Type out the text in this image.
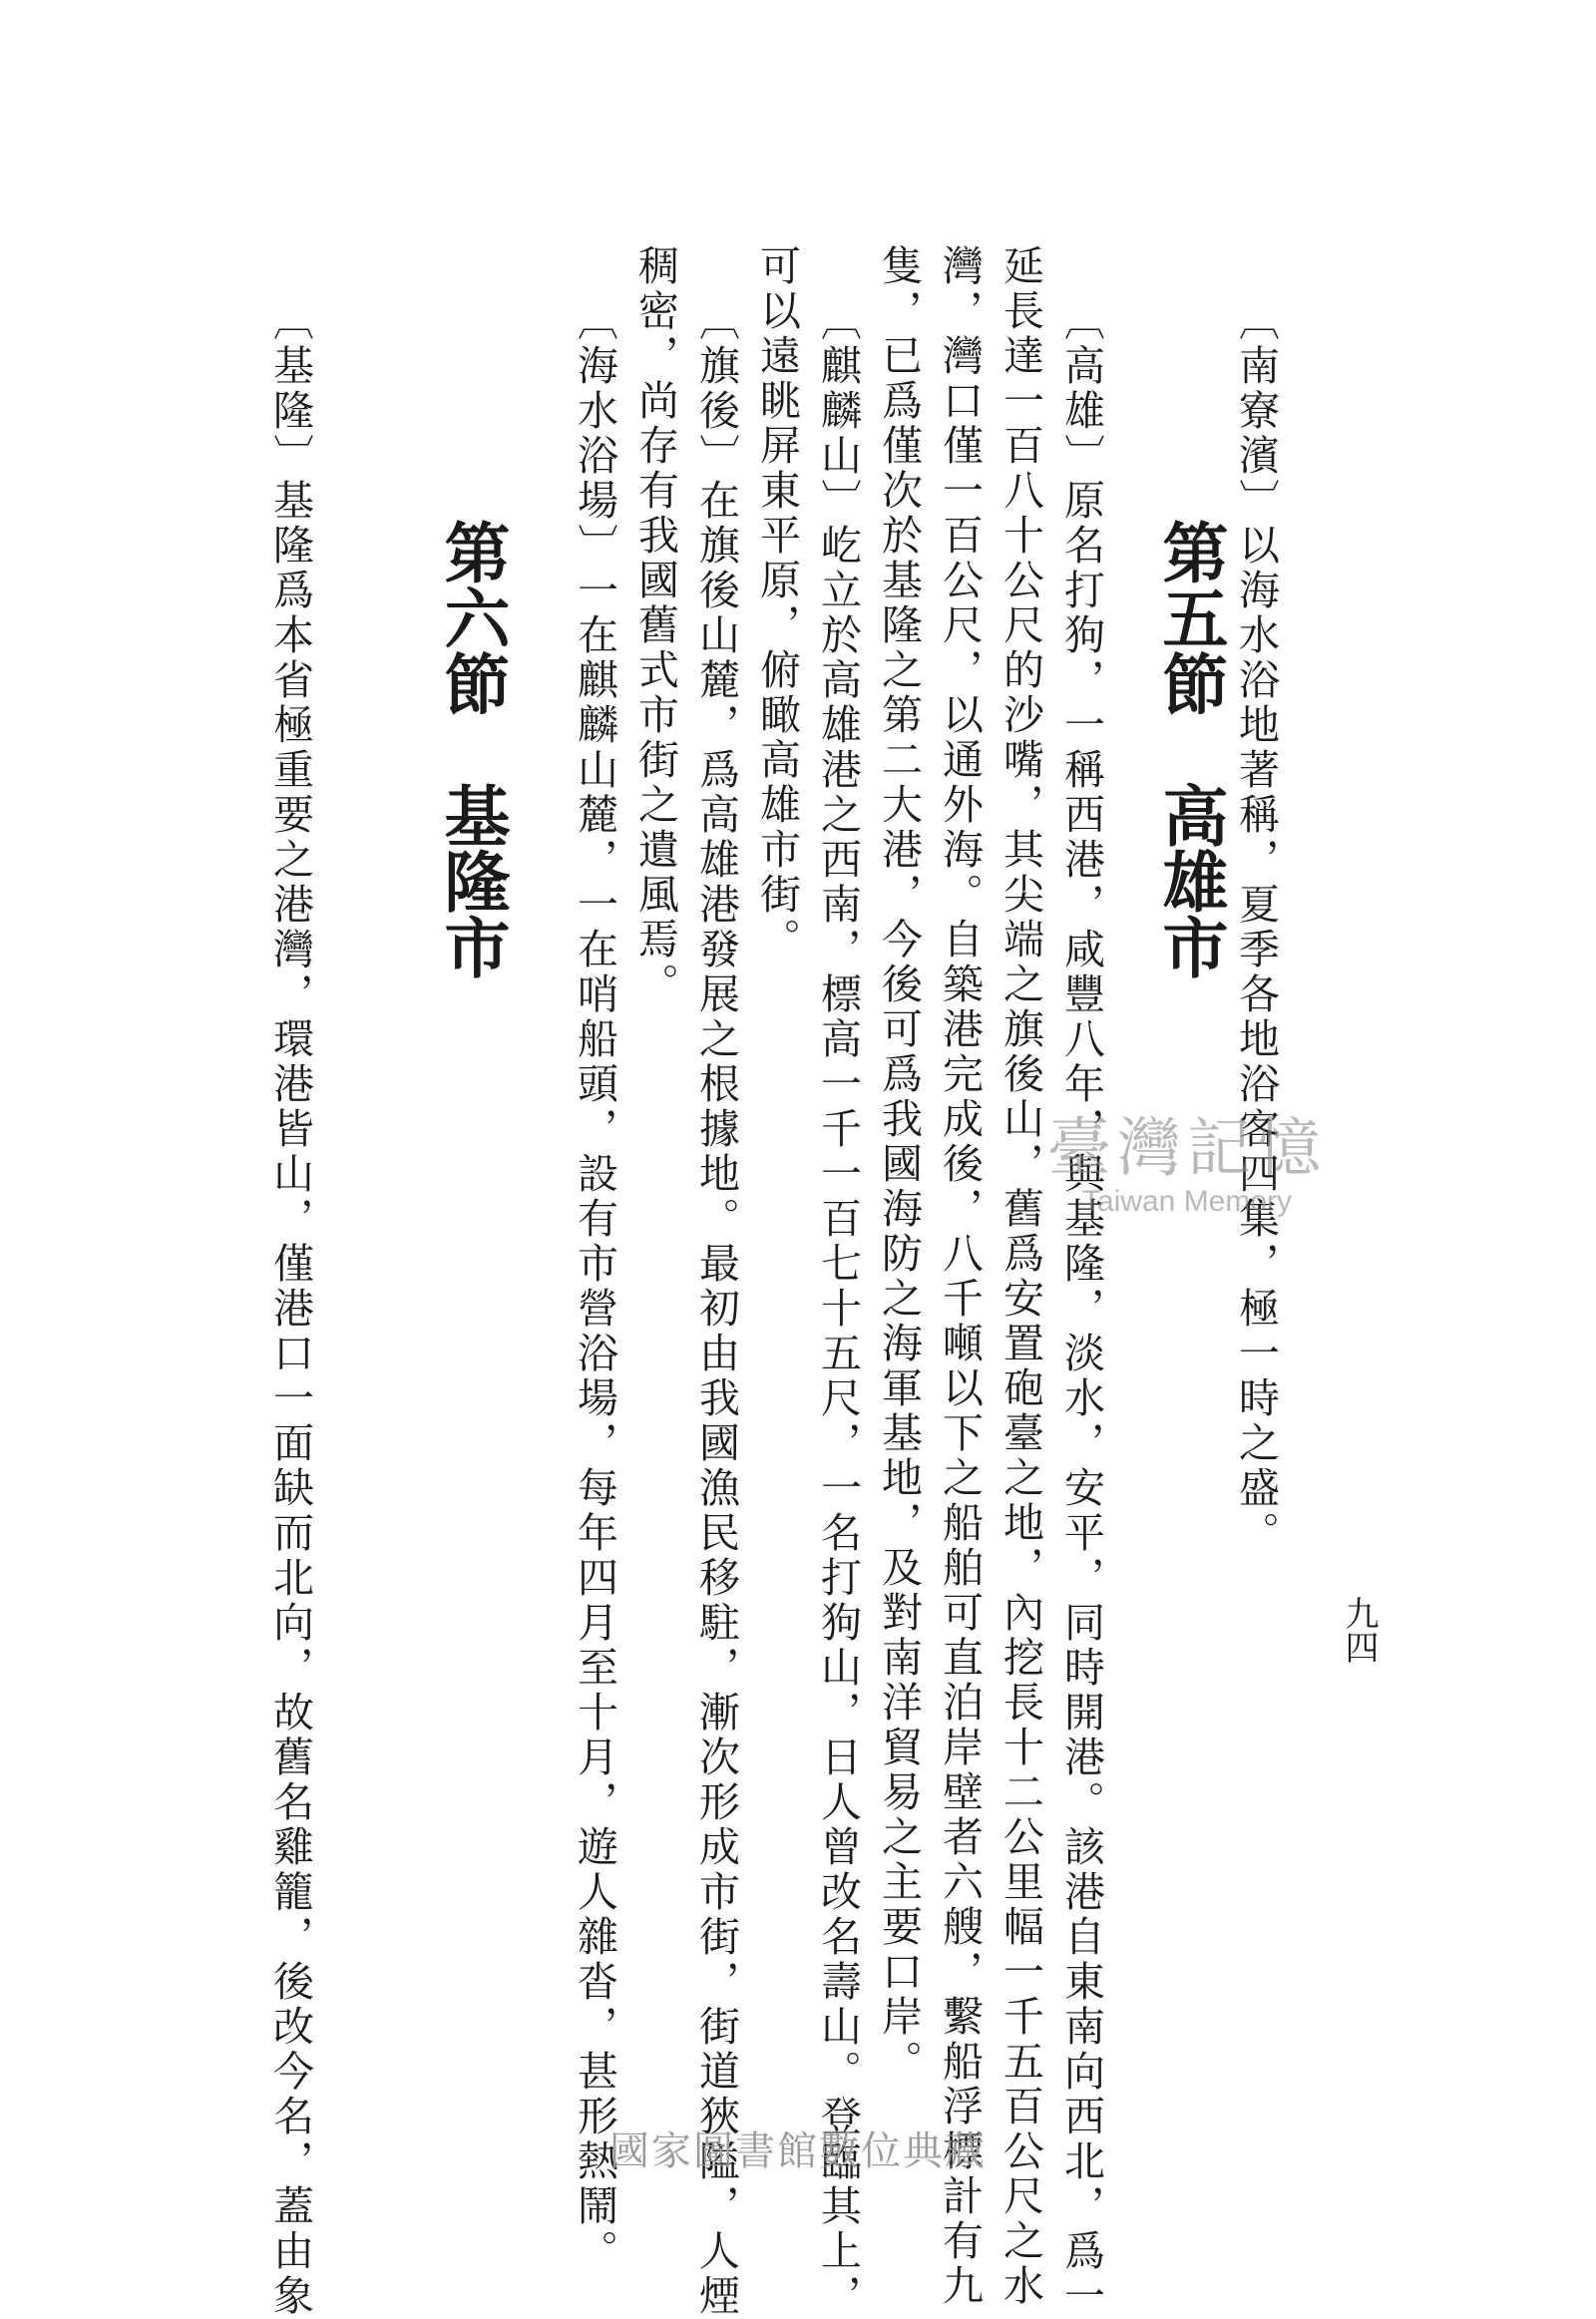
九四
〔南寮濱〕以海水浴地著稱，夏季各地浴客四集，極一時之盛。
第五節　高雄市
〔高雄〕原名打狗，一稱西港，咸豐八年，與基隆，淡水，安平，同時開港。該港自東南向西北，爲一
延長達一百八十公尺的沙嘴，其尖端之旗後山，舊爲安置砲臺之地，內挖長十二公里幅一千五百公尺之水
灣，灣口僅一百公尺，以通外海。自築港完成後，八千噸以下之船舶可直泊岸壁者六艘，繫船浮標計有九
隻，已爲僅次於基隆之第二大港，今後可爲我國海防之海軍基地，及對南洋貿易之主要口岸。
〔麒麟山〕屹立於高雄港之西南，標高一千一百七十五尺，一名打狗山，日人曾改名壽山。登臨其上，
可以遠眺屏東平原，俯瞰高雄市街。
〔旗後〕在旗後山麓，爲高雄港發展之根據地。最初由我國漁民移駐，漸次形成市街，街道狹隘，人煙
稠密，尚存有我國舊式市街之遺風焉。
〔海水浴場〕一在麒麟山麓，一在哨船頭，設有市營浴場，每年四月至十月，遊人雜沓，甚形熱鬧。
第六節　基隆市
〔基隆〕基隆爲本省極重要之港灣，環港皆山，僅港口一面缺而北向，故舊名雞籠，後改今名，蓋由象	臺灣記憶
Taiwan Memory
國家圖書館數位典藏
